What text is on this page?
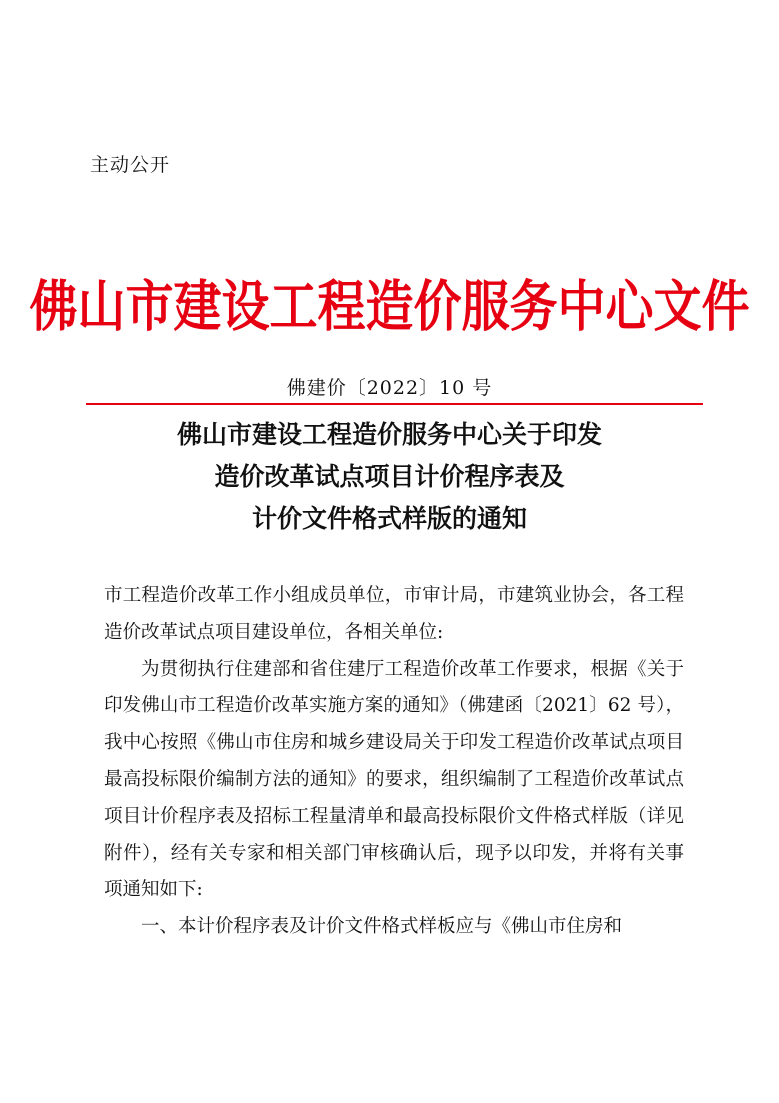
主动公开
佛山市建设工程造价服务中心文件
佛建价〔2022〕10 号
佛山市建设工程造价服务中心关于印发
造价改革试点项目计价程序表及
计价文件格式样版的通知

市工程造价改革工作小组成员单位，市审计局，市建筑业协会，各工程造价改革试点项目建设单位，各相关单位:

为贯彻执行住建部和省住建厅工程造价改革工作要求，根据《关于印发佛山市工程造价改革实施方案的通知》（佛建函〔2021〕62 号），我中心按照《佛山市住房和城乡建设局关于印发工程造价改革试点项目最高投标限价编制方法的通知》的要求，组织编制了工程造价改革试点项目计价程序表及招标工程量清单和最高投标限价文件格式样版（详见附件），经有关专家和相关部门审核确认后，现予以印发，并将有关事项通知如下:

一、本计价程序表及计价文件格式样板应与《佛山市住房和
